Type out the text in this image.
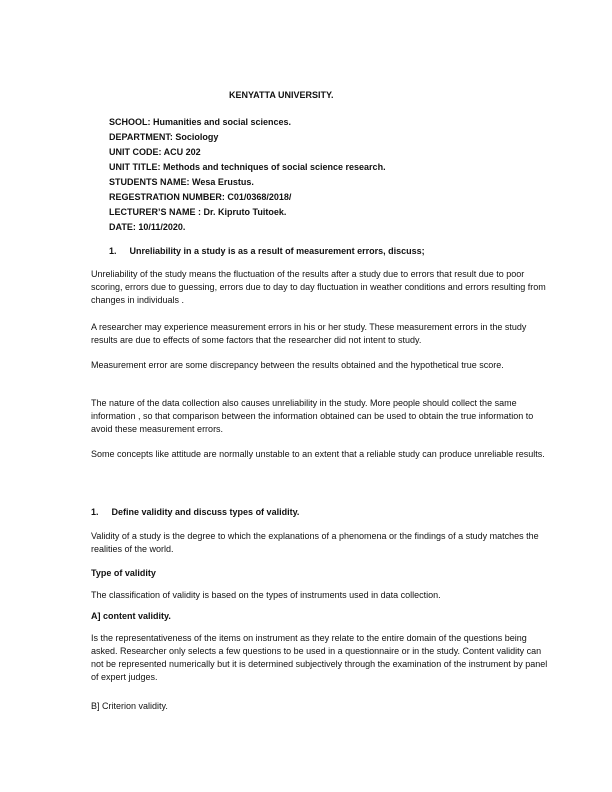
KENYATTA UNIVERSITY.
SCHOOL: Humanities and social sciences.
DEPARTMENT: Sociology
UNIT CODE: ACU 202
UNIT TITLE: Methods and techniques of social science research.
STUDENTS NAME: Wesa Erustus.
REGESTRATION NUMBER: C01/0368/2018/
LECTURER’S NAME : Dr. Kipruto Tuitoek.
DATE: 10/11/2020.
1. Unreliability in a study is as a result of measurement errors, discuss;
Unreliability of the study means the fluctuation of the results after a study due to errors that result due to poor scoring, errors due to guessing, errors due to day to day fluctuation in weather conditions and errors resulting from changes in individuals .
A researcher may experience measurement errors in his or her study. These measurement errors in the study results are due to effects of some factors that the researcher did not intent to study.
Measurement error are some discrepancy between the results obtained and the hypothetical true score.
The nature of the data collection also causes unreliability in the study. More people should collect the same information , so that comparison between the information obtained can be used to obtain the true information to avoid these measurement errors.
Some concepts like attitude are normally unstable to an extent that a reliable study can produce unreliable results.
1. Define validity and discuss types of validity.
Validity of a study is the degree to which the explanations of a phenomena or the findings of a study matches the realities of the world.
Type of validity
The classification of validity is based on the types of instruments used in data collection.
A] content validity.
Is the representativeness of the items on instrument as they relate to the entire domain of the questions being asked. Researcher only selects a few questions to be used in a questionnaire or in the study. Content validity can not be represented numerically but it is determined subjectively through the examination of the instrument by panel of expert judges.
B] Criterion validity.
